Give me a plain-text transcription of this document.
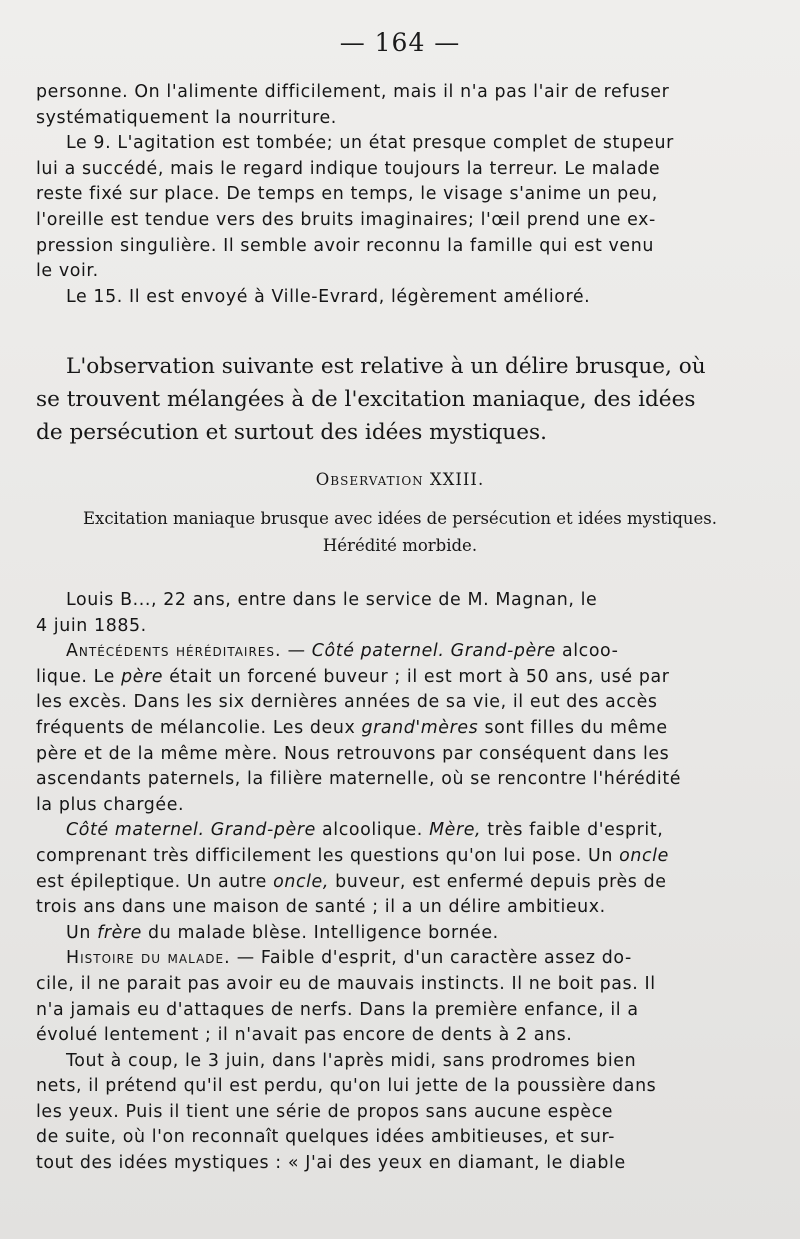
— 164 —
personne. On l'alimente difficilement, mais il n'a pas l'air de refuser
systématiquement la nourriture.
Le 9. L'agitation est tombée; un état presque complet de stupeur
lui a succédé, mais le regard indique toujours la terreur. Le malade
reste fixé sur place. De temps en temps, le visage s'anime un peu,
l'oreille est tendue vers des bruits imaginaires; l'œil prend une ex-
pression singulière. Il semble avoir reconnu la famille qui est venu
le voir.
Le 15. Il est envoyé à Ville-Evrard, légèrement amélioré.
L'observation suivante est relative à un délire brusque, où
se trouvent mélangées à de l'excitation maniaque, des idées
de persécution et surtout des idées mystiques.
Observation XXIII.
Excitation maniaque brusque avec idées de persécution et idées mystiques.
Hérédité morbide.
Louis B..., 22 ans, entre dans le service de M. Magnan, le
4 juin 1885.
Antécédents héréditaires. — Côté paternel. Grand-père alcoo-
lique. Le père était un forcené buveur ; il est mort à 50 ans, usé par
les excès. Dans les six dernières années de sa vie, il eut des accès
fréquents de mélancolie. Les deux grand'mères sont filles du même
père et de la même mère. Nous retrouvons par conséquent dans les
ascendants paternels, la filière maternelle, où se rencontre l'hérédité
la plus chargée.
Côté maternel. Grand-père alcoolique. Mère, très faible d'esprit,
comprenant très difficilement les questions qu'on lui pose. Un oncle
est épileptique. Un autre oncle, buveur, est enfermé depuis près de
trois ans dans une maison de santé ; il a un délire ambitieux.
Un frère du malade blèse. Intelligence bornée.
Histoire du malade. — Faible d'esprit, d'un caractère assez do-
cile, il ne parait pas avoir eu de mauvais instincts. Il ne boit pas. Il
n'a jamais eu d'attaques de nerfs. Dans la première enfance, il a
évolué lentement ; il n'avait pas encore de dents à 2 ans.
Tout à coup, le 3 juin, dans l'après midi, sans prodromes bien
nets, il prétend qu'il est perdu, qu'on lui jette de la poussière dans
les yeux. Puis il tient une série de propos sans aucune espèce
de suite, où l'on reconnaît quelques idées ambitieuses, et sur-
tout des idées mystiques : « J'ai des yeux en diamant, le diable
